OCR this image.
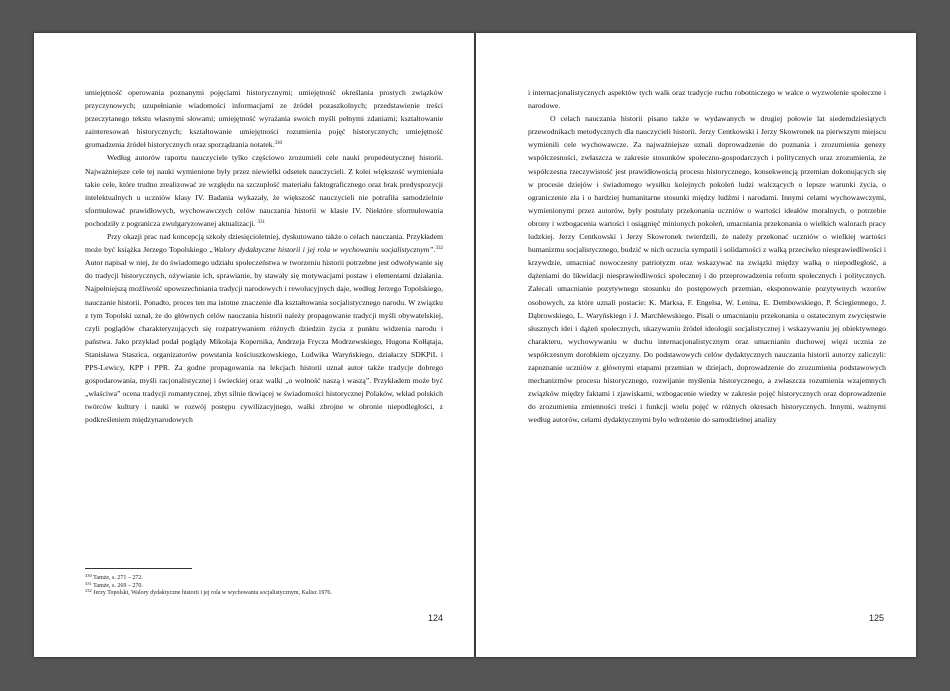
umiejętność operowania poznanymi pojęciami historycznymi; umiejętność określania prostych związków przyczynowych; uzupełnianie wiadomości informacjami ze źródeł pozaszkolnych; przedstawienie treści przeczytanego tekstu własnymi słowami; umiejętność wyrażania swoich myśli pełnymi zdaniami; kształtowanie zainteresowań historycznych; kształtowanie umiejętności rozumienia pojęć historycznych; umiejętność gromadzenia źródeł historycznych oraz sporządzania notatek.$^{330}$

Według autorów raportu nauczyciele tylko częściowo zrozumieli cele nauki propedeutycznej historii. Najważniejsze cele tej nauki wymienione były przez niewielki odsetek nauczycieli. Z kolei większość wymieniała takie cele, które trudno zrealizować ze względu na szczupłość materiału faktograficznego oraz brak predyspozycji intelektualnych u uczniów klasy IV. Badania wykazały, że większość nauczycieli nie potrafiła samodzielnie sformułować prawidłowych, wychowawczych celów nauczania historii w klasie IV. Niektóre sformułowania pochodziły z pogranicza zwulgaryzowanej aktualizacji. $^{331}$

Przy okazji prac nad koncepcją szkoły dziesięcioletniej, dyskutowano także o celach nauczania. Przykładem może być książka Jerzego Topolskiego „Walory dydaktyczne historii i jej rola w wychowaniu socjalistycznym”.$^{332}$ Autor napisał w niej, że do świadomego udziału społeczeństwa w tworzeniu historii potrzebne jest odwoływanie się do tradycji historycznych, ożywianie ich, sprawianie, by stawały się motywacjami postaw i elementami działania. Najpełniejszą możliwość upowszechniania tradycji narodowych i rewolucyjnych daje, według Jerzego Topolskiego, nauczanie historii. Ponadto, proces ten ma istotne znaczenie dla kształtowania socjalistycznego narodu. W związku z tym Topolski uznał, że do głównych celów nauczania historii należy propagowanie tradycji myśli obywatelskiej, czyli poglądów charakteryzujących się rozpatrywaniem różnych dziedzin życia z punktu widzenia narodu i państwa. Jako przykład podał poglądy Mikołaja Kopernika, Andrzeja Frycza Modrzewskiego, Hugona Kołłątaja, Stanisława Staszica, organizatorów powstania kościuszkowskiego, Ludwika Waryńskiego, działaczy SDKPiL i PPS-Lewicy, KPP i PPR. Za godne propagowania na lekcjach historii uznał autor także tradycje dobrego gospodarowania, myśli racjonalistycznej i świeckiej oraz walki „o wolność naszą i waszą”. Przykładem może być „właściwa” ocena tradycji romantycznej, zbyt silnie tkwiącej w świadomości historycznej Polaków, wkład polskich twórców kultury i nauki w rozwój postępu cywilizacyjnego, walki zbrojne w obronie niepodległości, z podkreśleniem międzynarodowych

$^{330}$ Tamże, s. 271 – 272.
$^{331}$ Tamże, s. 269 – 270.
$^{332}$ Jerzy Topolski, Walory dydaktyczne historii i jej rola w wychowaniu socjalistycznym, Kalisz 1976.
124

i internacjonalistycznych aspektów tych walk oraz tradycje ruchu robotniczego w walce o wyzwolenie społeczne i narodowe.

O celach nauczania historii pisano także w wydawanych w drugiej połowie lat siedemdziesiątych przewodnikach metodycznych dla nauczycieli historii. Jerzy Centkowski i Jerzy Skowronek na pierwszym miejscu wymienili cele wychowawcze. Za najważniejsze uznali doprowadzenie do poznania i zrozumienia genezy współczesności, zwłaszcza w zakresie stosunków społeczno-gospodarczych i politycznych oraz zrozumienia, że współczesna rzeczywistość jest prawidłowością procesu historycznego, konsekwencją przemian dokonujących się w procesie dziejów i świadomego wysiłku kolejnych pokoleń ludzi walczących o lepsze warunki życia, o ograniczenie zła i o bardziej humanitarne stosunki między ludźmi i narodami. Innymi celami wychowawczymi, wymienionymi przez autorów, były postulaty przekonania uczniów o wartości ideałów moralnych, o potrzebie obrony i wzbogacenia wartości i osiągnięć minionych pokoleń, umacniania przekonania o wielkich walorach pracy ludzkiej. Jerzy Centkowski i Jerzy Skowronek twierdzili, że należy przekonać uczniów o wielkiej wartości humanizmu socjalistycznego, budzić w nich uczucia sympatii i solidarności z walką przeciwko niesprawiedliwości i krzywdzie, umacniać nowoczesny patriotyzm oraz wskazywać na związki między walką o niepodległość, a dążeniami do likwidacji niesprawiedliwości społecznej i do przeprowadzenia reform społecznych i politycznych. Zalecali umacnianie pozytywnego stosunku do postępowych przemian, eksponowanie pozytywnych wzorów osobowych, za które uznali postacie: K. Marksa, F. Engelsa, W. Lenina, E. Dembowskiego, P. Ściegiennego, J. Dąbrowskiego, L. Waryńskiego i J. Marchlewskiego. Pisali o umacnianiu przekonania o ostatecznym zwycięstwie słusznych idei i dążeń społecznych, ukazywaniu źródeł ideologii socjalistycznej i wskazywaniu jej obiektywnego charakteru, wychowywaniu w duchu internacjonalistycznym oraz umacnianiu duchowej więzi ucznia ze współczesnym dorobkiem ojczyzny. Do podstawowych celów dydaktycznych nauczania historii autorzy zaliczyli: zapoznanie uczniów z głównymi etapami przemian w dziejach, doprowadzenie do zrozumienia podstawowych mechanizmów procesu historycznego, rozwijanie myślenia historycznego, a zwłaszcza rozumienia wzajemnych związków między faktami i zjawiskami, wzbogacenie wiedzy w zakresie pojęć historycznych oraz doprowadzenie do zrozumienia zmienności treści i funkcji wielu pojęć w różnych okresach historycznych. Innymi, ważnymi według autorów, celami dydaktycznymi było wdrożenie do samodzielnej analizy

125
